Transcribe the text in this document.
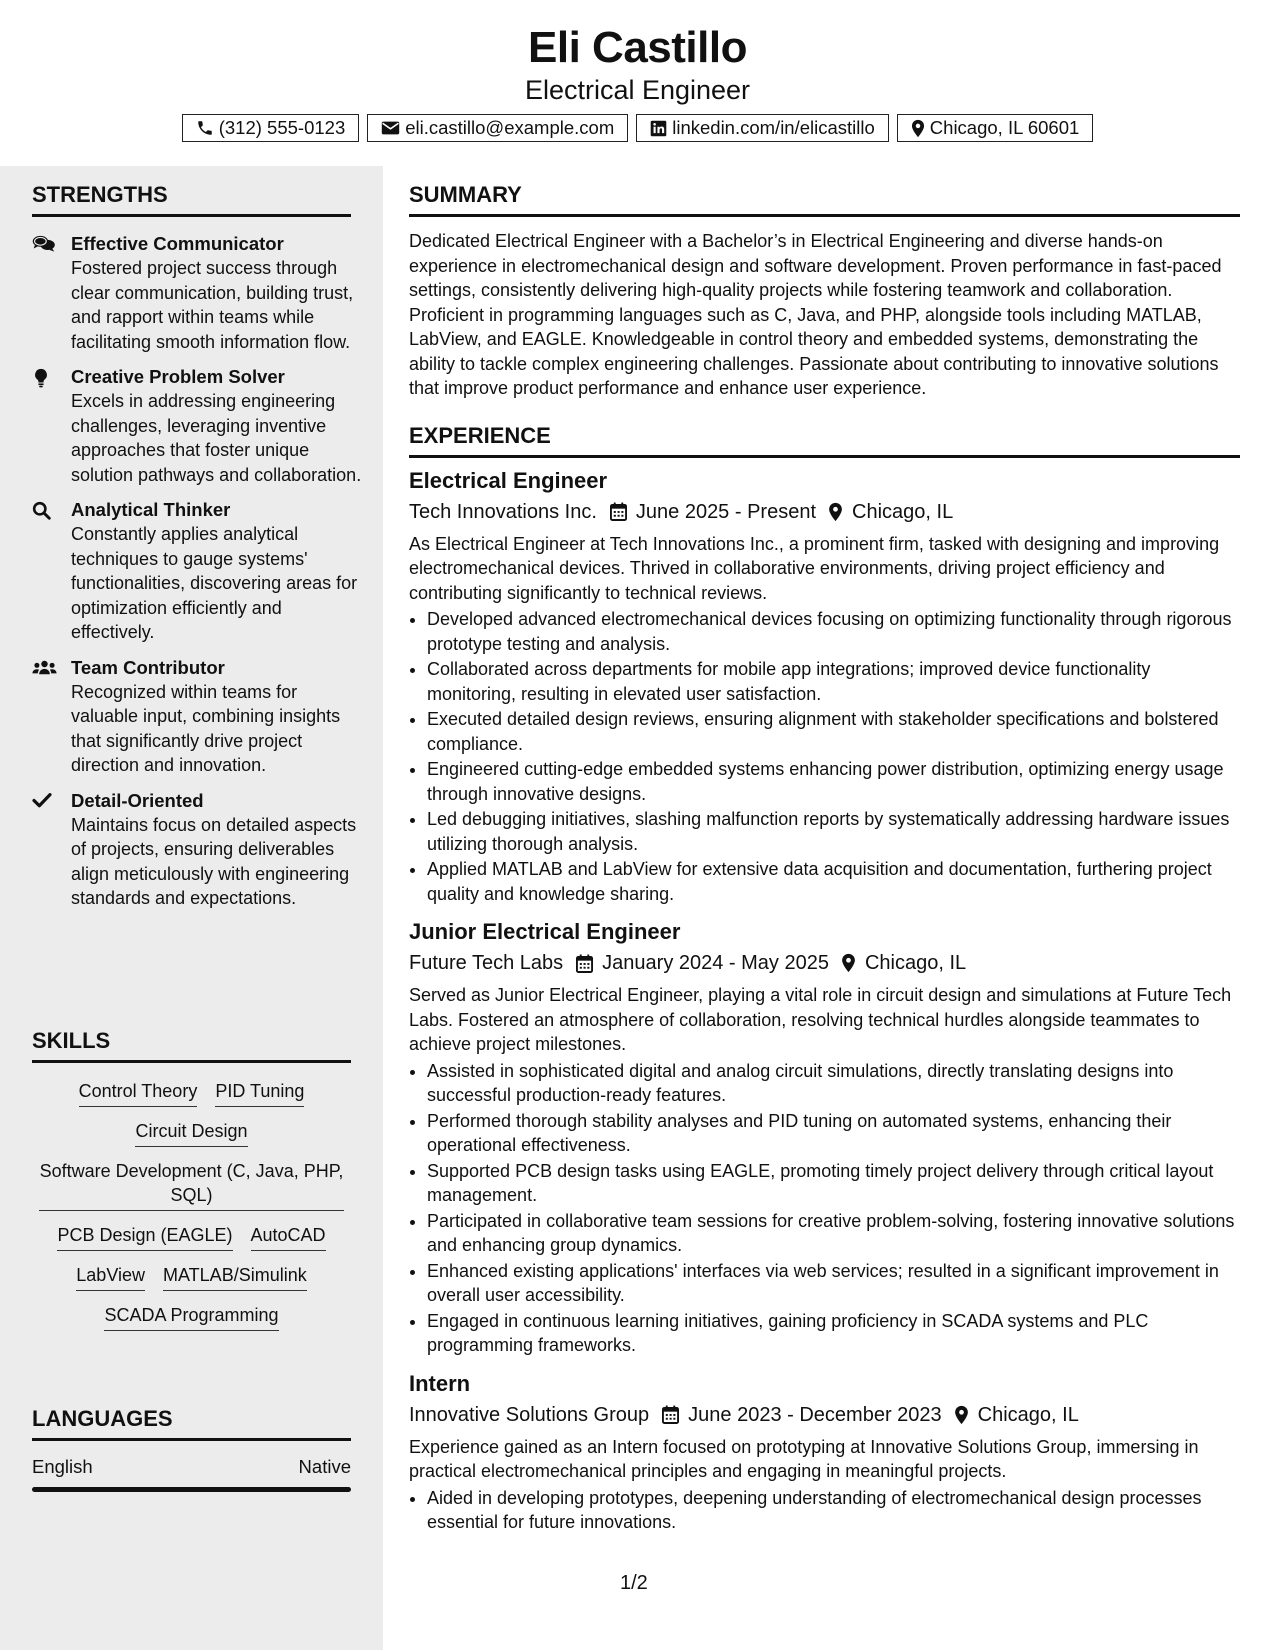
Eli Castillo
Electrical Engineer
(312) 555-0123	eli.castillo@example.com	linkedin.com/in/elicastillo	Chicago, IL 60601
STRENGTHS
Effective Communicator
Fostered project success through clear communication, building trust, and rapport within teams while facilitating smooth information flow.
Creative Problem Solver
Excels in addressing engineering challenges, leveraging inventive approaches that foster unique solution pathways and collaboration.
Analytical Thinker
Constantly applies analytical techniques to gauge systems' functionalities, discovering areas for optimization efficiently and effectively.
Team Contributor
Recognized within teams for valuable input, combining insights that significantly drive project direction and innovation.
Detail-Oriented
Maintains focus on detailed aspects of projects, ensuring deliverables align meticulously with engineering standards and expectations.
SKILLS
Control Theory PID Tuning
Circuit Design
Software Development (C, Java, PHP, SQL)
PCB Design (EAGLE) AutoCAD
LabView MATLAB/Simulink
SCADA Programming
LANGUAGES
English	Native
SUMMARY
Dedicated Electrical Engineer with a Bachelor’s in Electrical Engineering and diverse hands-on experience in electromechanical design and software development. Proven performance in fast-paced settings, consistently delivering high-quality projects while fostering teamwork and collaboration. Proficient in programming languages such as C, Java, and PHP, alongside tools including MATLAB, LabView, and EAGLE. Knowledgeable in control theory and embedded systems, demonstrating the ability to tackle complex engineering challenges. Passionate about contributing to innovative solutions that improve product performance and enhance user experience.
EXPERIENCE
Electrical Engineer
Tech Innovations Inc. June 2025 - Present Chicago, IL
As Electrical Engineer at Tech Innovations Inc., a prominent firm, tasked with designing and improving electromechanical devices. Thrived in collaborative environments, driving project efficiency and contributing significantly to technical reviews.
• Developed advanced electromechanical devices focusing on optimizing functionality through rigorous prototype testing and analysis.
• Collaborated across departments for mobile app integrations; improved device functionality monitoring, resulting in elevated user satisfaction.
• Executed detailed design reviews, ensuring alignment with stakeholder specifications and bolstered compliance.
• Engineered cutting-edge embedded systems enhancing power distribution, optimizing energy usage through innovative designs.
• Led debugging initiatives, slashing malfunction reports by systematically addressing hardware issues utilizing thorough analysis.
• Applied MATLAB and LabView for extensive data acquisition and documentation, furthering project quality and knowledge sharing.
Junior Electrical Engineer
Future Tech Labs January 2024 - May 2025 Chicago, IL
Served as Junior Electrical Engineer, playing a vital role in circuit design and simulations at Future Tech Labs. Fostered an atmosphere of collaboration, resolving technical hurdles alongside teammates to achieve project milestones.
• Assisted in sophisticated digital and analog circuit simulations, directly translating designs into successful production-ready features.
• Performed thorough stability analyses and PID tuning on automated systems, enhancing their operational effectiveness.
• Supported PCB design tasks using EAGLE, promoting timely project delivery through critical layout management.
• Participated in collaborative team sessions for creative problem-solving, fostering innovative solutions and enhancing group dynamics.
• Enhanced existing applications' interfaces via web services; resulted in a significant improvement in overall user accessibility.
• Engaged in continuous learning initiatives, gaining proficiency in SCADA systems and PLC programming frameworks.
Intern
Innovative Solutions Group June 2023 - December 2023 Chicago, IL
Experience gained as an Intern focused on prototyping at Innovative Solutions Group, immersing in practical electromechanical principles and engaging in meaningful projects.
• Aided in developing prototypes, deepening understanding of electromechanical design processes essential for future innovations.
1/2
